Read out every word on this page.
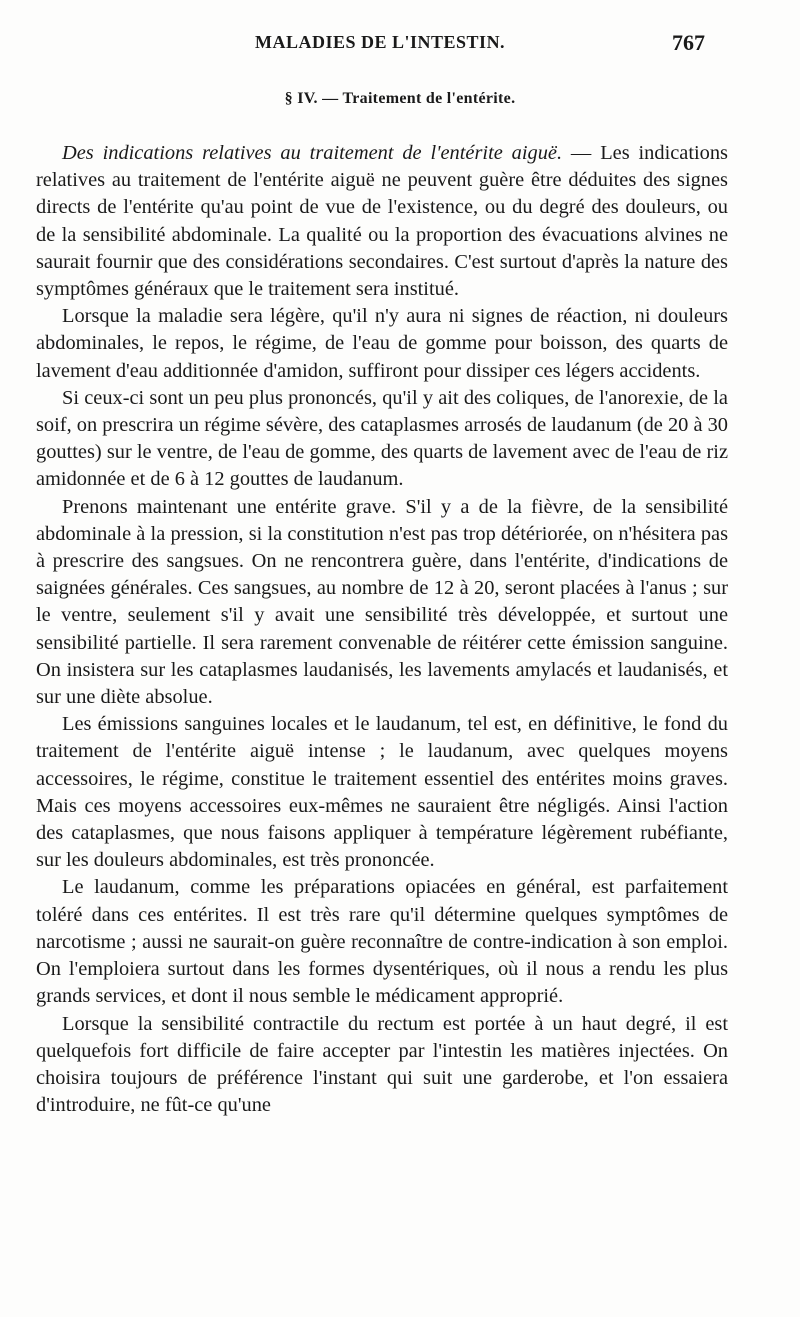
MALADIES DE L'INTESTIN.	767
§ IV. — Traitement de l'entérite.

Des indications relatives au traitement de l'entérite aiguë. — Les indications relatives au traitement de l'entérite aiguë ne peuvent guère être déduites des signes directs de l'entérite qu'au point de vue de l'existence, ou du degré des douleurs, ou de la sensibilité abdominale. La qualité ou la proportion des évacuations alvines ne saurait fournir que des considérations secondaires. C'est surtout d'après la nature des symptômes généraux que le traitement sera institué.

Lorsque la maladie sera légère, qu'il n'y aura ni signes de réaction, ni douleurs abdominales, le repos, le régime, de l'eau de gomme pour boisson, des quarts de lavement d'eau additionnée d'amidon, suffiront pour dissiper ces légers accidents.

Si ceux-ci sont un peu plus prononcés, qu'il y ait des coliques, de l'anorexie, de la soif, on prescrira un régime sévère, des cataplasmes arrosés de laudanum (de 20 à 30 gouttes) sur le ventre, de l'eau de gomme, des quarts de lavement avec de l'eau de riz amidonnée et de 6 à 12 gouttes de laudanum.

Prenons maintenant une entérite grave. S'il y a de la fièvre, de la sensibilité abdominale à la pression, si la constitution n'est pas trop détériorée, on n'hésitera pas à prescrire des sangsues. On ne rencontrera guère, dans l'entérite, d'indications de saignées générales. Ces sangsues, au nombre de 12 à 20, seront placées à l'anus ; sur le ventre, seulement s'il y avait une sensibilité très développée, et surtout une sensibilité partielle. Il sera rarement convenable de réitérer cette émission sanguine. On insistera sur les cataplasmes laudanisés, les lavements amylacés et laudanisés, et sur une diète absolue.

Les émissions sanguines locales et le laudanum, tel est, en définitive, le fond du traitement de l'entérite aiguë intense ; le laudanum, avec quelques moyens accessoires, le régime, constitue le traitement essentiel des entérites moins graves. Mais ces moyens accessoires eux-mêmes ne sauraient être négligés. Ainsi l'action des cataplasmes, que nous faisons appliquer à température légèrement rubéfiante, sur les douleurs abdominales, est très prononcée.

Le laudanum, comme les préparations opiacées en général, est parfaitement toléré dans ces entérites. Il est très rare qu'il détermine quelques symptômes de narcotisme ; aussi ne saurait-on guère reconnaître de contre-indication à son emploi. On l'emploiera surtout dans les formes dysentériques, où il nous a rendu les plus grands services, et dont il nous semble le médicament approprié.

Lorsque la sensibilité contractile du rectum est portée à un haut degré, il est quelquefois fort difficile de faire accepter par l'intestin les matières injectées. On choisira toujours de préférence l'instant qui suit une garderobe, et l'on essaiera d'introduire, ne fût-ce qu'une
